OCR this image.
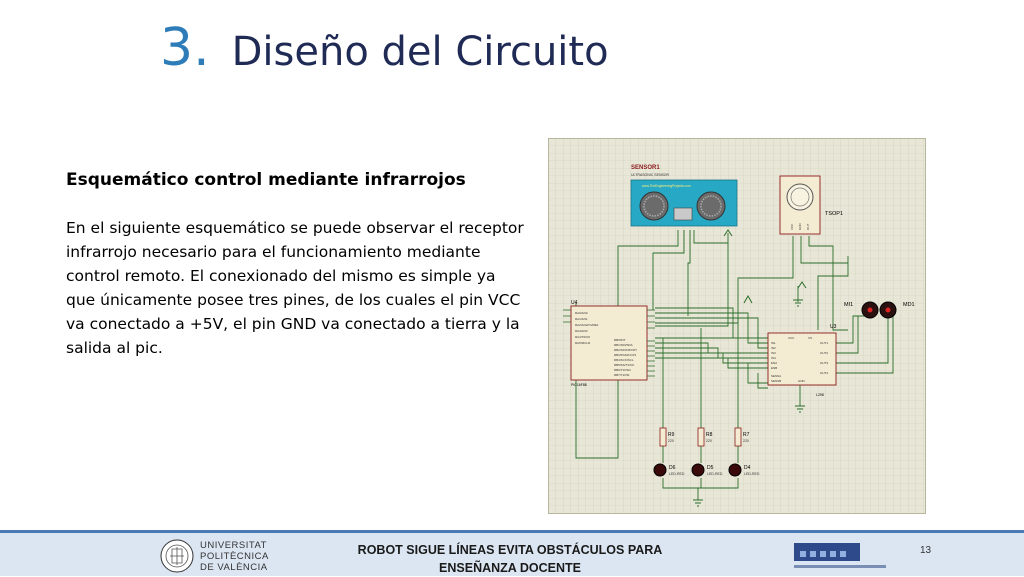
3. Diseño del Circuito
Esquemático control mediante infrarrojos
En el siguiente esquemático se puede observar el receptor infrarrojo necesario para el funcionamiento mediante control remoto. El conexionado del mismo es simple ya que únicamente posee tres pines, de los cuales el pin VCC va conectado a +5V, el pin GND va conectado a tierra y la salida al pic.
SENSOR1
ULTRASONIC SENSOR
www.TheEngineeringProjects.com
TSOP1
VCC GND OUT
U4
PIC16F88
RA0/AN0
RA1/AN1
RA2/AN2/CVREF
RA3/AN3
RA4/T0CKI
RA5/MCLR
RB0/INT
RB1/SDI/SDA
RB2/SDO/RX/DT
RB3/PGM/CCP1
RB4/SCK/SCL
RB5/SS/TX/CK
RB6/T1OSO
RB7/T1OSI
U3
L298
VCC	VS
IN1
IN2
IN3
IN4
ENA
ENB
SENSA
SENSB	GND
OUT1
OUT2
OUT3
OUT4
MI1	MD1
R9
220
R8
220
R7
220
D6
LED-RED
D5
LED-RED
D4
LED-RED
UNIVERSITAT
POLITÈCNICA
DE VALÈNCIA
ROBOT SIGUE LÍNEAS EVITA OBSTÁCULOS PARA
ENSEÑANZA DOCENTE
13
